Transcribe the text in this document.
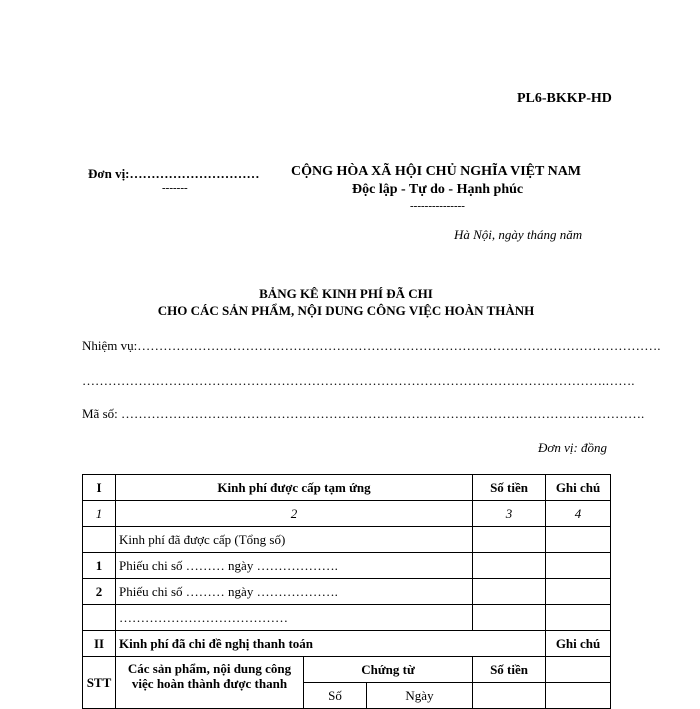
PL6-BKKP-HD
Đơn vị:…………………………
-------
CỘNG HÒA XÃ HỘI CHỦ NGHĨA VIỆT NAM
Độc lập - Tự do - Hạnh phúc
---------------
Hà Nội, ngày tháng năm
BẢNG KÊ KINH PHÍ ĐÃ CHI
CHO CÁC SẢN PHẨM, NỘI DUNG CÔNG VIỆC HOÀN THÀNH
Nhiệm vụ:………………………………………………………………………………………………………….
………………………………………………………………………………………………………….…….
Mã số: ………………………………………………………………………………………………………….
Đơn vị: đồng
I	Kinh phí được cấp tạm ứng			Số tiền	Ghi chú
1	2			3	4
	Kinh phí đã được cấp (Tổng số)				
1	Phiếu chi số ……… ngày ……………….				
2	Phiếu chi số ……… ngày ……………….				
	…………………………………				
II	Kinh phí đã chi đề nghị thanh toán				Ghi chú
STT	Các sản phẩm, nội dung công việc hoàn thành được thanh	Chứng từ		Số tiền	
		Số	Ngày		
